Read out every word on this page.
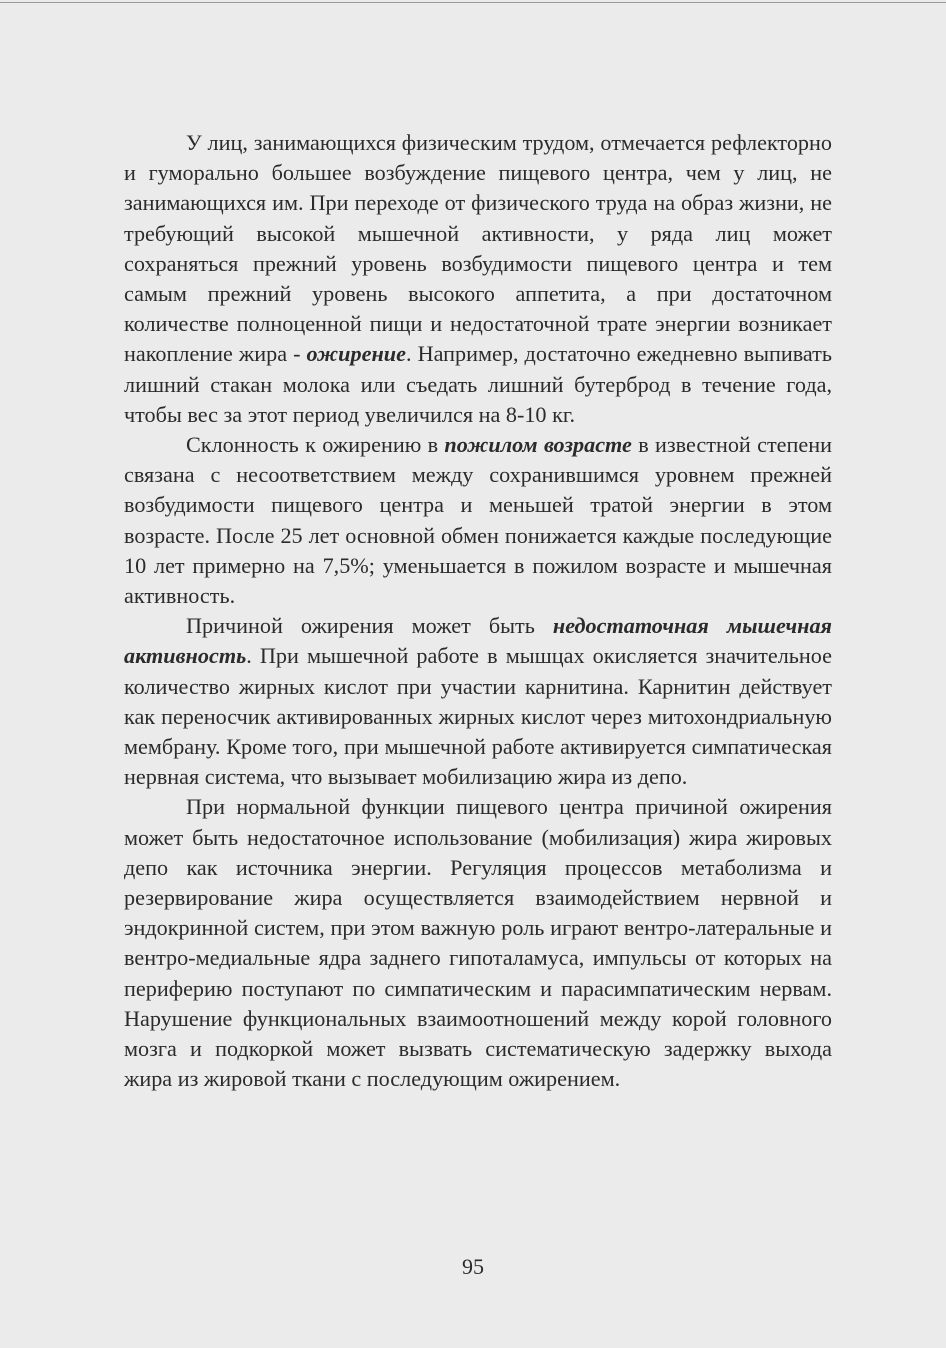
У лиц, занимающихся физическим трудом, отмечается рефлекторно и гуморально большее возбуждение пищевого центра, чем у лиц, не занимающихся им. При переходе от физического труда на образ жизни, не требующий высокой мышечной активности, у ряда лиц может сохраняться прежний уровень возбудимости пищевого центра и тем самым прежний уровень высокого аппетита, а при достаточном количестве полноценной пищи и недостаточной трате энергии возникает накопление жира - ожирение. Например, достаточно ежедневно выпивать лишний стакан молока или съедать лишний бутерброд в течение года, чтобы вес за этот период увеличился на 8-10 кг.

Склонность к ожирению в пожилом возрасте в известной степени связана с несоответствием между сохранившимся уровнем прежней возбудимости пищевого центра и меньшей тратой энергии в этом возрасте. После 25 лет основной обмен понижается каждые последующие 10 лет примерно на 7,5%; уменьшается в пожилом возрасте и мышечная активность.

Причиной ожирения может быть недостаточная мышечная активность. При мышечной работе в мышцах окисляется значительное количество жирных кислот при участии карнитина. Карнитин действует как переносчик активированных жирных кислот через митохондриальную мембрану. Кроме того, при мышечной работе активируется симпатическая нервная система, что вызывает мобилизацию жира из депо.

При нормальной функции пищевого центра причиной ожирения может быть недостаточное использование (мобилизация) жира жировых депо как источника энергии. Регуляция процессов метаболизма и резервирование жира осуществляется взаимодействием нервной и эндокринной систем, при этом важную роль играют вентро-латеральные и вентро-медиальные ядра заднего гипоталамуса, импульсы от которых на периферию поступают по симпатическим и парасимпатическим нервам. Нарушение функциональных взаимоотношений между корой головного мозга и подкоркой может вызвать систематическую задержку выхода жира из жировой ткани с последующим ожирением.

95
